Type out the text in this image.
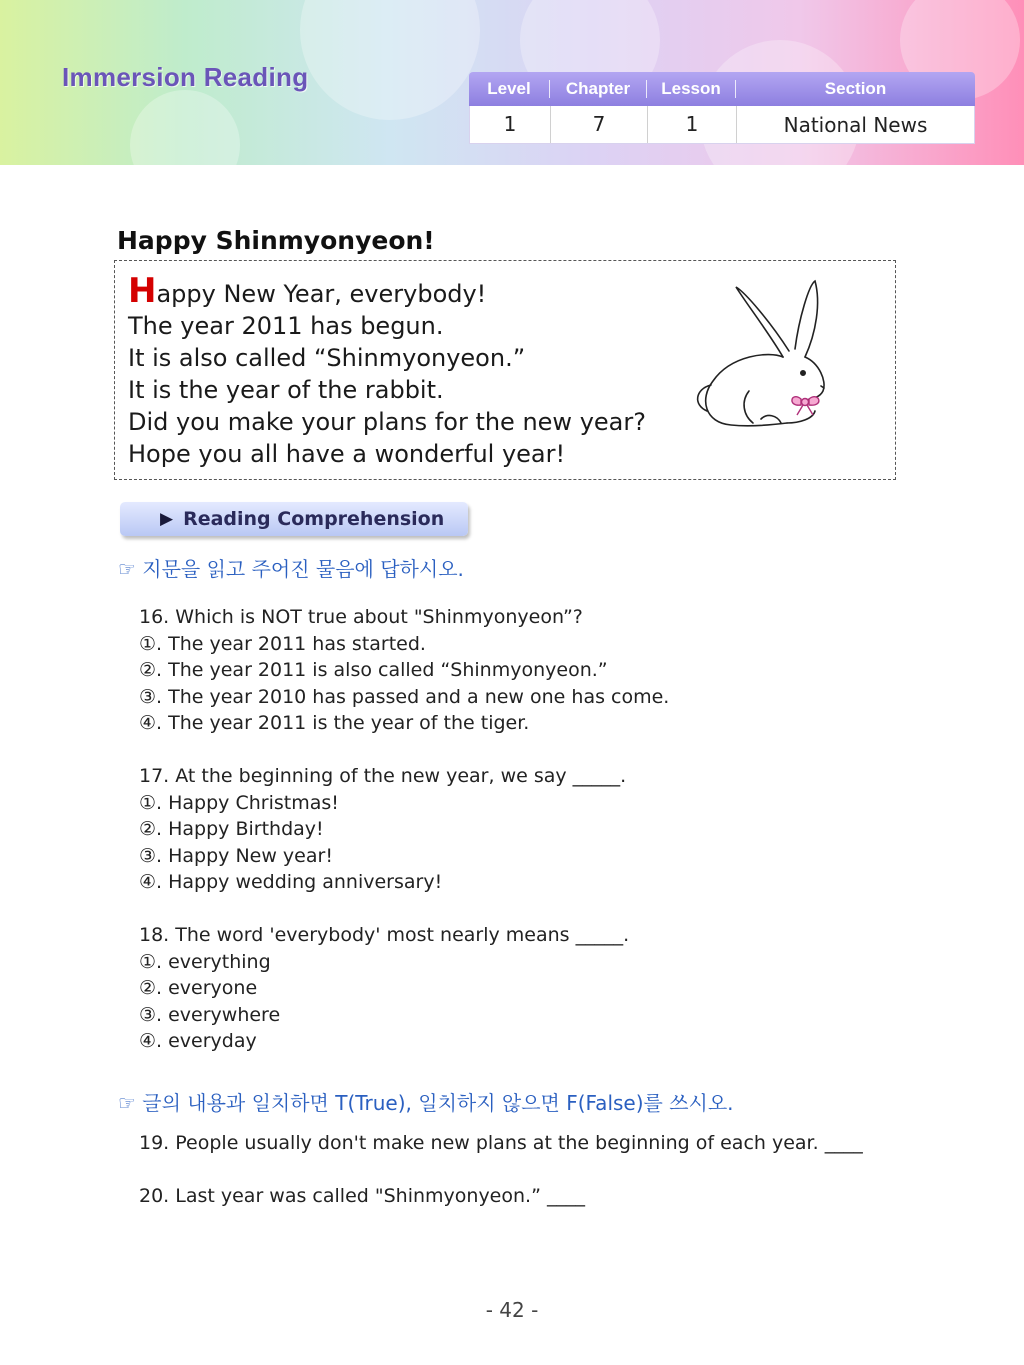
Immersion Reading	Level	Chapter	Lesson	Section
1	7	1	National News
Happy Shinmyonyeon!
Happy New Year, everybody!
The year 2011 has begun.
It is also called “Shinmyonyeon.”
It is the year of the rabbit.
Did you make your plans for the new year?
Hope you all have a wonderful year!
▶ Reading Comprehension
☞ 지문을 읽고 주어진 물음에 답하시오.
16. Which is NOT true about "Shinmyonyeon”?
①. The year 2011 has started.
②. The year 2011 is also called “Shinmyonyeon.”
③. The year 2010 has passed and a new one has come.
④. The year 2011 is the year of the tiger.
17. At the beginning of the new year, we say _____.
①. Happy Christmas!
②. Happy Birthday!
③. Happy New year!
④. Happy wedding anniversary!
18. The word 'everybody' most nearly means _____.
①. everything
②. everyone
③. everywhere
④. everyday
☞ 글의 내용과 일치하면 T(True), 일치하지 않으면 F(False)를 쓰시오.
19. People usually don't make new plans at the beginning of each year. ____
20. Last year was called "Shinmyonyeon.” ____
- 42 -
